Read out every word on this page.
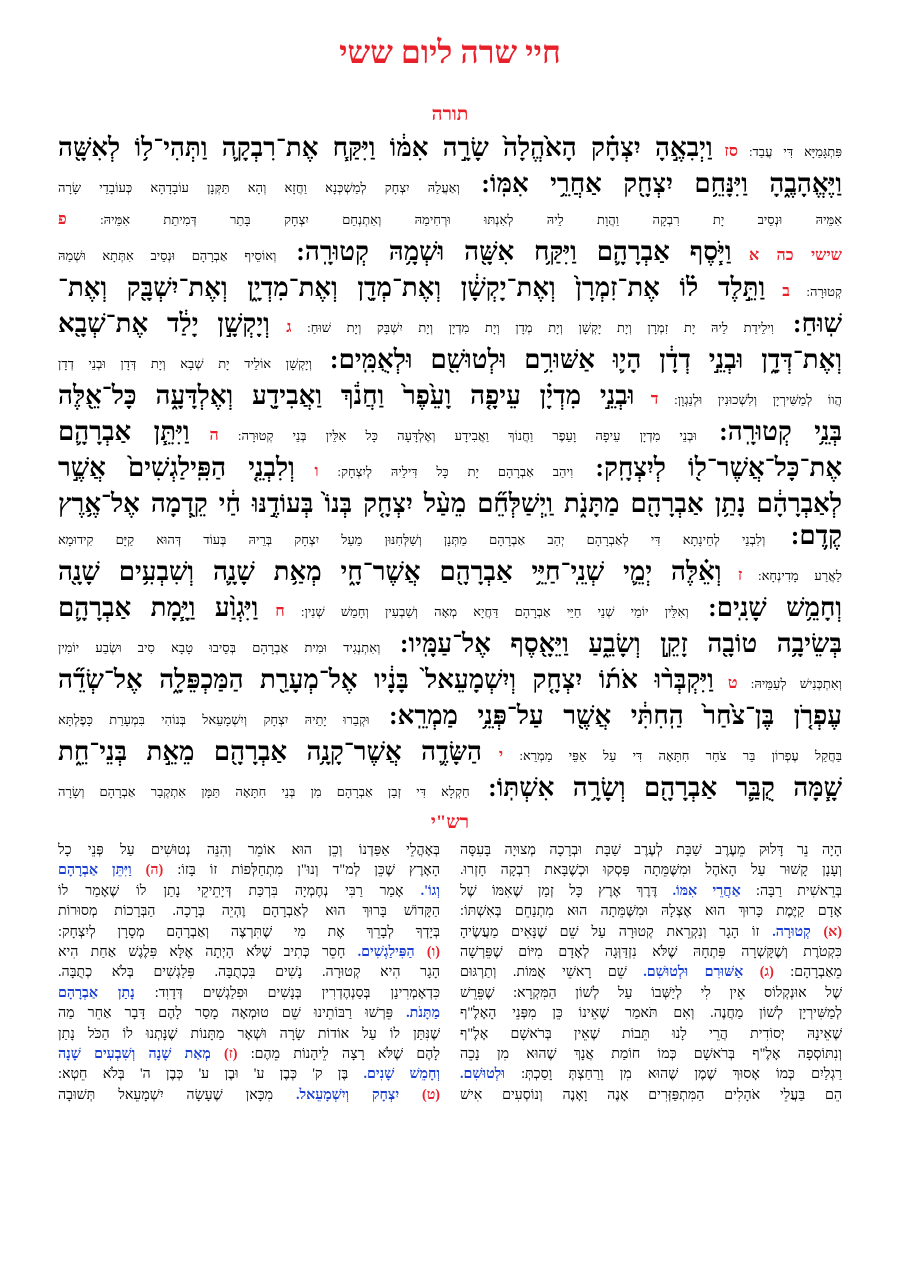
חיי שרה ליום ששי
תורה
פִּתְגָּמַיָּא דִּי עֲבַד: סז וַיְבִאֶ֣הָ יִצְחָ֗ק הָאֹ֙הֱלָה֙ שָׂרָ֣ה אִמּ֔וֹ וַיִּקַּ֧ח אֶת־רִבְקָ֛ה וַתְּהִי־ל֥וֹ לְאִשָּׁ֖ה
וַיֶּאֱהָבֶ֑הָ וַיִּנָּחֵ֥ם יִצְחָ֖ק אַחֲרֵ֥י אִמּֽוֹ: וְאַעֲלַהּ יִצְחָק לְמַשְׁכְּנָא וַחֲזָא וְהָא תַּקְּנָן עוֹבָדָהָא כְּעוֹבָדֵי שָׂרָה
אִמֵּיהּ וּנְסֵיב יָת רִבְקָה וַהֲוָת לֵיהּ לְאִנְתּוּ וּרְחִימַהּ וְאִתְנְחֵם יִצְחָק בָּתַר דְּמִיתַת אִמֵּיהּ: פ
שישי כה א וַיֹּ֧סֶף אַבְרָהָ֛ם וַיִּקַּ֥ח אִשָּׁ֖ה וּשְׁמָ֥הּ קְטוּרָֽה: וְאוֹסֵיף אַבְרָהָם וּנְסֵיב אִתְּתָא וּשְׁמַהּ
קְטוּרָה: ב וַתֵּ֣לֶד ל֗וֹ אֶת־זִמְרָן֙ וְאֶת־יָקְשָׁ֔ן וְאֶת־מְדָ֖ן וְאֶת־מִדְיָ֑ן וְאֶת־יִשְׁבָּ֖ק וְאֶת־
שֽׁוּחַ: וִילֵידַת לֵיהּ יָת זִמְרָן וְיָת יָקְשָׁן וְיָת מְדָן וְיָת מִדְיָן וְיָת יִשְׁבָּק וְיָת שׁוּחַ: ג וְיָקְשָׁ֣ן יָלַ֔ד אֶת־שְׁבָ֖א
וְאֶת־דְּדָ֑ן וּבְנֵ֣י דְדָ֔ן הָי֛וּ אַשּׁוּרִ֥ם וּלְטוּשִׁ֖ם וּלְאֻמִּֽים: וְיָקְשָׁן אוֹלֵיד יָת שְׁבָא וְיָת דְּדָן וּבְנֵי דְדָן
הֲווֹ לְמַשִּׁירְיָן וְלִשְׁכוּנִין וּלְנַגְוָן: ד וּבְנֵ֣י מִדְיָ֗ן עֵיפָ֤ה וָעֵ֙פֶר֙ וַחֲנֹ֔ךְ וַאֲבִידָ֖ע וְאֶלְדָּעָ֑ה כָּל־אֵ֖לֶּה
בְּנֵ֥י קְטוּרָֽה: וּבְנֵי מִדְיָן עֵיפָה וָעֵפֶר וַחֲנוֹךְ וַאֲבִידָע וְאֶלְדָּעָה כָּל אִלֵּין בְּנֵי קְטוּרָה: ה וַיִּתֵּ֧ן אַבְרָהָ֛ם
אֶת־כָּל־אֲשֶׁר־ל֖וֹ לְיִצְחָֽק: וִיהַב אַבְרָהָם יָת כָּל דִּילֵיהּ לְיִצְחָק: ו וְלִבְנֵ֤י הַפִּֽילַגְשִׁים֙ אֲשֶׁ֣ר
לְאַבְרָהָ֔ם נָתַ֥ן אַבְרָהָ֖ם מַתָּנֹ֑ת וַֽיְשַׁלְּחֵ֞ם מֵעַ֨ל יִצְחָ֤ק בְּנוֹ֙ בְּעוֹדֶ֣נּוּ חַ֔י קֵ֖דְמָה אֶל־אֶ֥רֶץ
קֶֽדֶם: וְלִבְנֵי לְחֵינָתָא דִּי לְאַבְרָהָם יְהַב אַבְרָהָם מַתְּנָן וְשַׁלְּחִנּוּן מֵעַל יִצְחָק בְּרֵיהּ בְּעוֹד דְּהוּא קַיָּם קִידוּמָא
לַאֲרַע מָדִינְחָא: ז וְאֵ֗לֶּה יְמֵ֛י שְׁנֵֽי־חַיֵּ֥י אַבְרָהָ֖ם אֲשֶׁר־חָ֑י מְאַ֥ת שָׁנָ֛ה וְשִׁבְעִ֥ים שָׁנָ֖ה
וְחָמֵ֥שׁ שָׁנִֽים: וְאִלֵּין יוֹמֵי שְׁנֵי חַיֵּי אַבְרָהָם דַּחֲיָא מְאָה וְשַׁבְעִין וְחָמֵשׁ שְׁנִין: ח וַיִּגְוַ֨ע וַיָּ֧מָת אַבְרָהָ֛ם
בְּשֵׂיבָ֥ה טוֹבָ֖ה זָקֵ֣ן וְשָׂבֵ֑עַ וַיֵּאָ֖סֶף אֶל־עַמָּֽיו: וְאִתְנְגִיד וּמִית אַבְרָהָם בְּסֵיבוּ טָבָא סִיב וּשְׂבַע יוֹמִין
וְאִתְכְּנִישׁ לְעַמֵּיהּ: ט וַיִּקְבְּר֨וּ אֹת֜וֹ יִצְחָ֤ק וְיִשְׁמָעֵאל֙ בָּנָ֔יו אֶל־מְעָרַ֖ת הַמַּכְפֵּלָ֑ה אֶל־שְׂדֵ֞ה
עֶפְרֹ֤ן בֶּן־צֹ֙חַר֙ הַֽחִתִּ֔י אֲשֶׁ֖ר עַל־פְּנֵ֥י מַמְרֵֽא: וּקְבַרוּ יָתֵיהּ יִצְחָק וְיִשְׁמָעֵאל בְּנוֹהִי בִּמְעָרַת כָּפֶלְתָּא
בַּחֲקַל עֶפְרוֹן בַּר צֹחַר חִתָּאָה דִּי עַל אַפֵּי מַמְרֵא: י הַשָּׂדֶ֛ה אֲשֶׁר־קָנָ֥ה אַבְרָהָ֖ם מֵאֵ֣ת בְּנֵי־חֵ֑ת
שָׁ֧מָּה קֻבַּ֛ר אַבְרָהָ֖ם וְשָׂרָ֥ה אִשְׁתּֽוֹ: חַקְלָא דִּי זְבַן אַבְרָהָם מִן בְּנֵי חִתָּאָה תַּמָּן אִתְקְבַר אַבְרָהָם וְשָׂרָה
רש"י
הָיָה נֵר דָּלוּק מֵעֶרֶב שַׁבָּת לְעֶרֶב שַׁבָּת וּבְרָכָה מְצוּיָה בָּעִסָּה
וְעָנָן קָשׁוּר עַל הָאֹהֶל וּמִשֶּׁמֵּתָה פָּסְקוּ וּכְשֶׁבָּאת רִבְקָה חָזְרוּ.
בְּרֵאשִׁית רַבָּה: אַחֲרֵי אִמּוֹ. דֶּרֶךְ אֶרֶץ כָּל זְמַן שֶׁאִמּוֹ שֶׁל
אָדָם קַיֶּמֶת כָּרוּךְ הוּא אֶצְלָהּ וּמִשֶּׁמֵּתָה הוּא מִתְנַחֵם בְּאִשְׁתּוֹ:
(א) קְטוּרָה. זוֹ הָגָר וְנִקְרֵאת קְטוּרָה עַל שֵׁם שֶׁנָּאִים מַעֲשֶׂיהָ
כִּקְטֹרֶת וְשֶׁקָּשְׁרָה פִּתְחָהּ שֶׁלֹּא נִזְדַּוְּגָה לְאָדָם מִיּוֹם שֶׁפֵּרְשָׁה
מֵאַבְרָהָם: (ג) אַשּׁוּרִם וּלְטוּשִׁם. שֵׁם רָאשֵׁי אֻמּוֹת. וְתַרְגּוּם
שֶׁל אוּנְקְלוֹס אֵין לִי לְיַשְּׁבוֹ עַל לְשׁוֹן הַמִּקְרָא: שֶׁפֵּרֵשׁ
לְמַשִּׁירְיָן לְשׁוֹן מַחֲנֶה. וְאִם תֹּאמַר שֶׁאֵינוֹ כֵּן מִפְּנֵי הָאָלֶ"ף
שֶׁאֵינָהּ יְסוֹדִית הֲרֵי לָנוּ תֵּבוֹת שֶׁאֵין בְּרֹאשָׁם אָלֶ"ף
וְנִתּוֹסְפָה אָלֶ"ף בְּרֹאשָׁם כְּמוֹ חוֹמַת אֲנָךְ שֶׁהוּא מִן נָכֵה
רַגְלַיִם כְּמוֹ אָסוּךְ שֶׁמֶן שֶׁהוּא מִן וָרַחַצְתְּ וָסַכְתְּ: וּלְטוּשִׁם.
הֵם בַּעֲלֵי אֹהָלִים הַמִּתְפַּזְּרִים אָנֶה וָאָנֶה וְנוֹסְעִים אִישׁ
בְּאָהֳלֵי אַפַּדְנוֹ וְכֵן הוּא אוֹמֵר וְהִנֵּה נְטוּשִׁים עַל פְּנֵי כָל
הָאָרֶץ שֶׁכֵּן לְמ"ד וְנוּ"ן מִתְחַלְּפוֹת זוֹ בָּזוֹ: (ה) וַיִּתֵּן אַבְרָהָם
וְגוֹ'. אָמַר רַבִּי נְחֶמְיָה בִּרְכַּת דְּיָתֵיקֵי נָתַן לוֹ שֶׁאָמַר לוֹ
הַקָּדוֹשׁ בָּרוּךְ הוּא לְאַבְרָהָם וֶהְיֵה בְּרָכָה. הַבְּרָכוֹת מְסוּרוֹת
בְּיָדְךָ לְבָרֵךְ אֶת מִי שֶׁתִּרְצֶה וְאַבְרָהָם מְסָרָן לְיִצְחָק:
(ו) הַפִּילַגְשִׁים. חָסֵר כְּתִיב שֶׁלֹּא הָיְתָה אֶלָּא פִּלֶגֶשׁ אַחַת הִיא
הָגָר הִיא קְטוּרָה. נָשִׁים בִּכְתֻבָּה. פִּלַגְשִׁים בְּלֹא כְתֻבָּה.
כִּדְאָמְרִינַן בְּסַנְהֶדְרִין בְּנָשִׁים וּפִלַגְשִׁים דְּדָוִד: נָתַן אַבְרָהָם
מַתָּנֹת. פֵּרְשׁוּ רַבּוֹתֵינוּ שֵׁם טוּמְאָה מָסַר לָהֶם דָּבָר אַחֵר מַה
שֶׁנִּתַּן לוֹ עַל אוֹדוֹת שָׂרָה וּשְׁאָר מַתָּנוֹת שֶׁנָּתְנוּ לוֹ הַכֹּל נָתַן
לָהֶם שֶׁלֹּא רָצָה לֵיהָנוֹת מֵהֶם: (ז) מְאַת שָׁנָה וְשִׁבְעִים שָׁנָה
וְחָמֵשׁ שָׁנִים. בֶּן ק' כְּבֶן ע' וּבֶן ע' כְּבֶן ה' בְּלֹא חֵטְא:
(ט) יִצְחָק וְיִשְׁמָעֵאל. מִכָּאן שֶׁעָשָׂה יִשְׁמָעֵאל תְּשׁוּבָה
